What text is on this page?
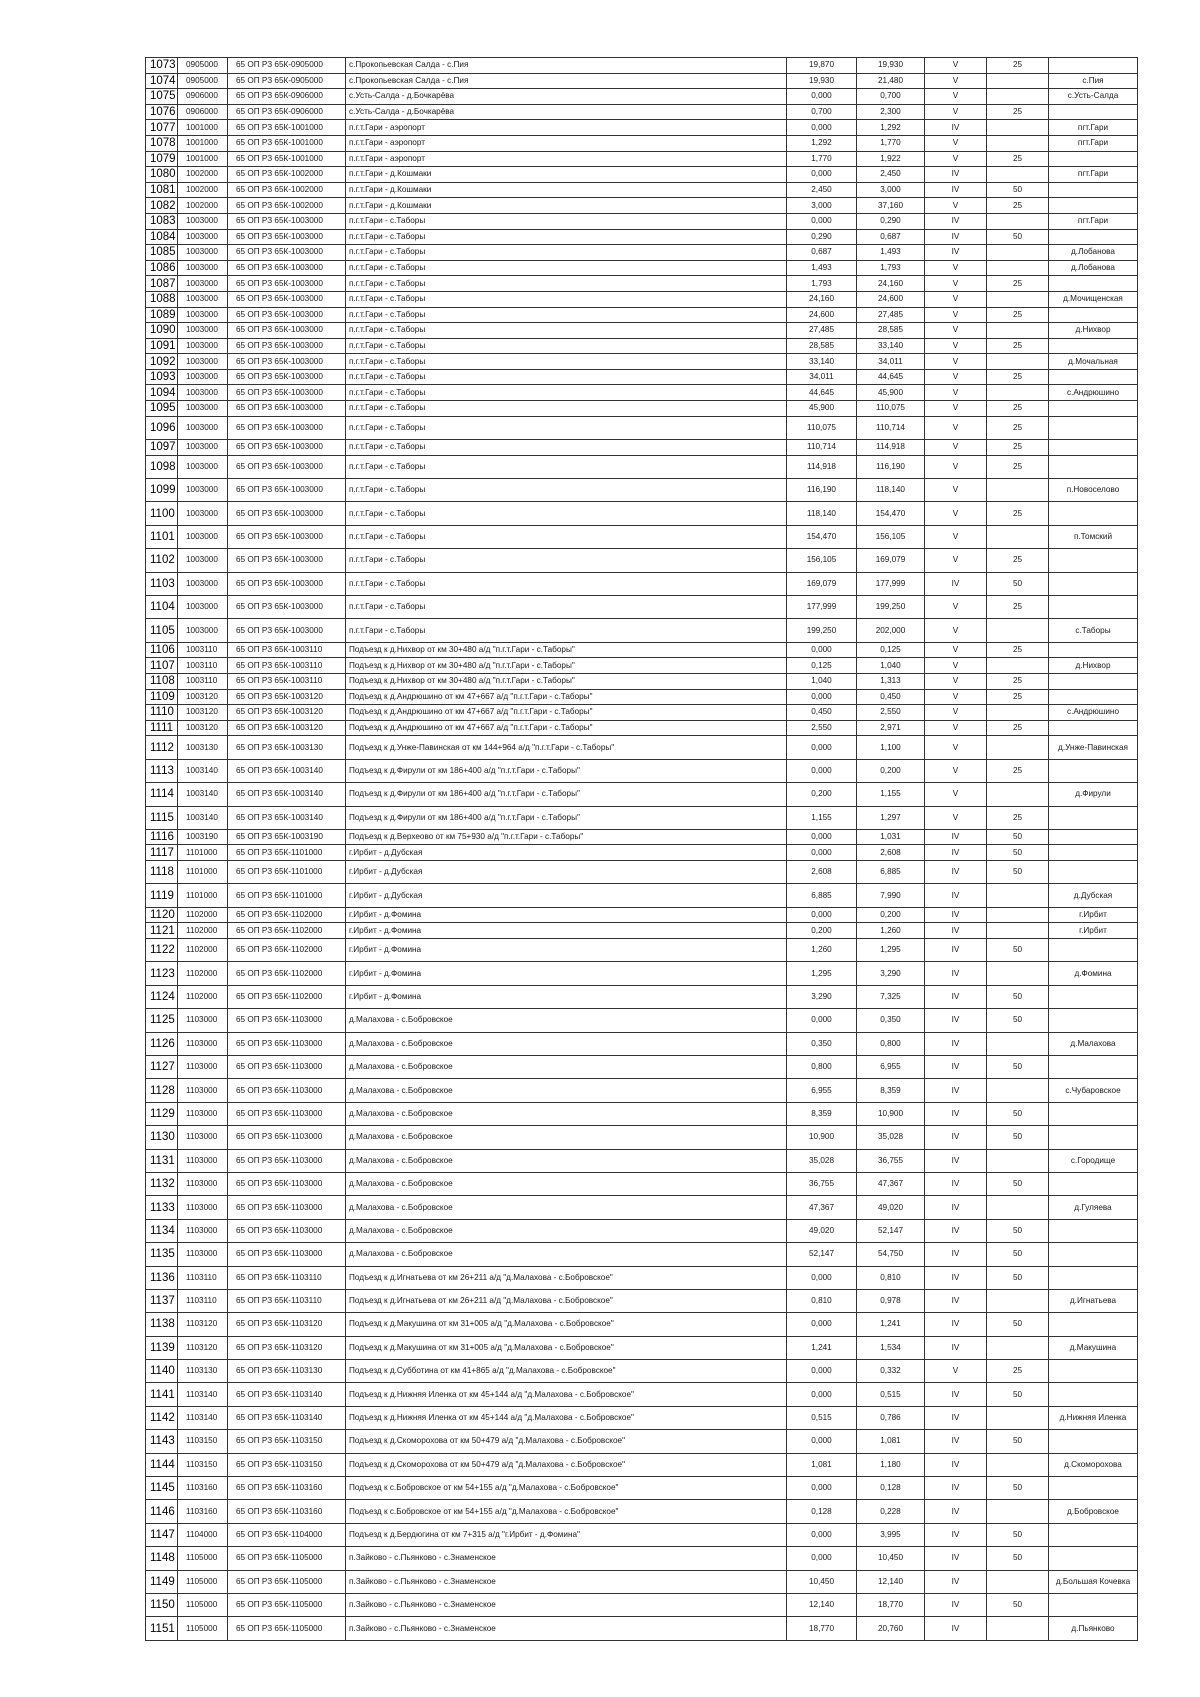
1073	0905000	65 ОП РЗ 65К-0905000	с.Прокопьевская Салда - с.Пия	19,870	19,930	V	25	
1074	0905000	65 ОП РЗ 65К-0905000	с.Прокопьевская Салда - с.Пия	19,930	21,480	V		с.Пия
1075	0906000	65 ОП РЗ 65К-0906000	с.Усть-Салда - д.Бочкарёва	0,000	0,700	V		с.Усть-Салда
1076	0906000	65 ОП РЗ 65К-0906000	с.Усть-Салда - д.Бочкарёва	0,700	2,300	V	25	
1077	1001000	65 ОП РЗ 65К-1001000	п.г.т.Гари - аэропорт	0,000	1,292	IV		пгт.Гари
1078	1001000	65 ОП РЗ 65К-1001000	п.г.т.Гари - аэропорт	1,292	1,770	V		пгт.Гари
1079	1001000	65 ОП РЗ 65К-1001000	п.г.т.Гари - аэропорт	1,770	1,922	V	25	
1080	1002000	65 ОП РЗ 65К-1002000	п.г.т.Гари - д.Кошмаки	0,000	2,450	IV		пгт.Гари
1081	1002000	65 ОП РЗ 65К-1002000	п.г.т.Гари - д.Кошмаки	2,450	3,000	IV	50	
1082	1002000	65 ОП РЗ 65К-1002000	п.г.т.Гари - д.Кошмаки	3,000	37,160	V	25	
1083	1003000	65 ОП РЗ 65К-1003000	п.г.т.Гари - с.Таборы	0,000	0,290	IV		пгт.Гари
1084	1003000	65 ОП РЗ 65К-1003000	п.г.т.Гари - с.Таборы	0,290	0,687	IV	50	
1085	1003000	65 ОП РЗ 65К-1003000	п.г.т.Гари - с.Таборы	0,687	1,493	IV		д.Лобанова
1086	1003000	65 ОП РЗ 65К-1003000	п.г.т.Гари - с.Таборы	1,493	1,793	V		д.Лобанова
1087	1003000	65 ОП РЗ 65К-1003000	п.г.т.Гари - с.Таборы	1,793	24,160	V	25	
1088	1003000	65 ОП РЗ 65К-1003000	п.г.т.Гари - с.Таборы	24,160	24,600	V		д.Мочищенская
1089	1003000	65 ОП РЗ 65К-1003000	п.г.т.Гари - с.Таборы	24,600	27,485	V	25	
1090	1003000	65 ОП РЗ 65К-1003000	п.г.т.Гари - с.Таборы	27,485	28,585	V		д.Нихвор
1091	1003000	65 ОП РЗ 65К-1003000	п.г.т.Гари - с.Таборы	28,585	33,140	V	25	
1092	1003000	65 ОП РЗ 65К-1003000	п.г.т.Гари - с.Таборы	33,140	34,011	V		д.Мочальная
1093	1003000	65 ОП РЗ 65К-1003000	п.г.т.Гари - с.Таборы	34,011	44,645	V	25	
1094	1003000	65 ОП РЗ 65К-1003000	п.г.т.Гари - с.Таборы	44,645	45,900	V		с.Андрюшино
1095	1003000	65 ОП РЗ 65К-1003000	п.г.т.Гари - с.Таборы	45,900	110,075	V	25	
1096	1003000	65 ОП РЗ 65К-1003000	п.г.т.Гари - с.Таборы	110,075	110,714	V	25	
1097	1003000	65 ОП РЗ 65К-1003000	п.г.т.Гари - с.Таборы	110,714	114,918	V	25	
1098	1003000	65 ОП РЗ 65К-1003000	п.г.т.Гари - с.Таборы	114,918	116,190	V	25	
1099	1003000	65 ОП РЗ 65К-1003000	п.г.т.Гари - с.Таборы	116,190	118,140	V		п.Новоселово
1100	1003000	65 ОП РЗ 65К-1003000	п.г.т.Гари - с.Таборы	118,140	154,470	V	25	
1101	1003000	65 ОП РЗ 65К-1003000	п.г.т.Гари - с.Таборы	154,470	156,105	V		п.Томский
1102	1003000	65 ОП РЗ 65К-1003000	п.г.т.Гари - с.Таборы	156,105	169,079	V	25	
1103	1003000	65 ОП РЗ 65К-1003000	п.г.т.Гари - с.Таборы	169,079	177,999	IV	50	
1104	1003000	65 ОП РЗ 65К-1003000	п.г.т.Гари - с.Таборы	177,999	199,250	V	25	
1105	1003000	65 ОП РЗ 65К-1003000	п.г.т.Гари - с.Таборы	199,250	202,000	V		с.Таборы
1106	1003110	65 ОП РЗ 65К-1003110	Подъезд к д.Нихвор от км 30+480 а/д "п.г.т.Гари - с.Таборы"	0,000	0,125	V	25	
1107	1003110	65 ОП РЗ 65К-1003110	Подъезд к д.Нихвор от км 30+480 а/д "п.г.т.Гари - с.Таборы"	0,125	1,040	V		д.Нихвор
1108	1003110	65 ОП РЗ 65К-1003110	Подъезд к д.Нихвор от км 30+480 а/д "п.г.т.Гари - с.Таборы"	1,040	1,313	V	25	
1109	1003120	65 ОП РЗ 65К-1003120	Подъезд к д.Андрюшино от км 47+667 а/д "п.г.т.Гари - с.Таборы"	0,000	0,450	V	25	
1110	1003120	65 ОП РЗ 65К-1003120	Подъезд к д.Андрюшино от км 47+667 а/д "п.г.т.Гари - с.Таборы"	0,450	2,550	V		с.Андрюшино
1111	1003120	65 ОП РЗ 65К-1003120	Подъезд к д.Андрюшино от км 47+667 а/д "п.г.т.Гари - с.Таборы"	2,550	2,971	V	25	
1112	1003130	65 ОП РЗ 65К-1003130	Подъезд к д.Унже-Павинская от км 144+964 а/д "п.г.т.Гари - с.Таборы"	0,000	1,100	V		д.Унже-Павинская
1113	1003140	65 ОП РЗ 65К-1003140	Подъезд к д.Фирули от км 186+400 а/д "п.г.т.Гари - с.Таборы"	0,000	0,200	V	25	
1114	1003140	65 ОП РЗ 65К-1003140	Подъезд к д.Фирули от км 186+400 а/д "п.г.т.Гари - с.Таборы"	0,200	1,155	V		д.Фирули
1115	1003140	65 ОП РЗ 65К-1003140	Подъезд к д.Фирули от км 186+400 а/д "п.г.т.Гари - с.Таборы"	1,155	1,297	V	25	
1116	1003190	65 ОП РЗ 65К-1003190	Подъезд к д.Верхеово от км 75+930 а/д "п.г.т.Гари - с.Таборы"	0,000	1,031	IV	50	
1117	1101000	65 ОП РЗ 65К-1101000	г.Ирбит - д.Дубская	0,000	2,608	IV	50	
1118	1101000	65 ОП РЗ 65К-1101000	г.Ирбит - д.Дубская	2,608	6,885	IV	50	
1119	1101000	65 ОП РЗ 65К-1101000	г.Ирбит - д.Дубская	6,885	7,990	IV		д.Дубская
1120	1102000	65 ОП РЗ 65К-1102000	г.Ирбит - д.Фомина	0,000	0,200	IV		г.Ирбит
1121	1102000	65 ОП РЗ 65К-1102000	г.Ирбит - д.Фомина	0,200	1,260	IV		г.Ирбит
1122	1102000	65 ОП РЗ 65К-1102000	г.Ирбит - д.Фомина	1,260	1,295	IV	50	
1123	1102000	65 ОП РЗ 65К-1102000	г.Ирбит - д.Фомина	1,295	3,290	IV		д.Фомина
1124	1102000	65 ОП РЗ 65К-1102000	г.Ирбит - д.Фомина	3,290	7,325	IV	50	
1125	1103000	65 ОП РЗ 65К-1103000	д.Малахова - с.Бобровское	0,000	0,350	IV	50	
1126	1103000	65 ОП РЗ 65К-1103000	д.Малахова - с.Бобровское	0,350	0,800	IV		д.Малахова
1127	1103000	65 ОП РЗ 65К-1103000	д.Малахова - с.Бобровское	0,800	6,955	IV	50	
1128	1103000	65 ОП РЗ 65К-1103000	д.Малахова - с.Бобровское	6,955	8,359	IV		с.Чубаровское
1129	1103000	65 ОП РЗ 65К-1103000	д.Малахова - с.Бобровское	8,359	10,900	IV	50	
1130	1103000	65 ОП РЗ 65К-1103000	д.Малахова - с.Бобровское	10,900	35,028	IV	50	
1131	1103000	65 ОП РЗ 65К-1103000	д.Малахова - с.Бобровское	35,028	36,755	IV		с.Городище
1132	1103000	65 ОП РЗ 65К-1103000	д.Малахова - с.Бобровское	36,755	47,367	IV	50	
1133	1103000	65 ОП РЗ 65К-1103000	д.Малахова - с.Бобровское	47,367	49,020	IV		д.Гуляева
1134	1103000	65 ОП РЗ 65К-1103000	д.Малахова - с.Бобровское	49,020	52,147	IV	50	
1135	1103000	65 ОП РЗ 65К-1103000	д.Малахова - с.Бобровское	52,147	54,750	IV	50	
1136	1103110	65 ОП РЗ 65К-1103110	Подъезд к д.Игнатьева от км 26+211 а/д "д.Малахова - с.Бобровское"	0,000	0,810	IV	50	
1137	1103110	65 ОП РЗ 65К-1103110	Подъезд к д.Игнатьева от км 26+211 а/д "д.Малахова - с.Бобровское"	0,810	0,978	IV		д.Игнатьева
1138	1103120	65 ОП РЗ 65К-1103120	Подъезд к д.Макушина от км 31+005 а/д "д.Малахова - с.Бобровское"	0,000	1,241	IV	50	
1139	1103120	65 ОП РЗ 65К-1103120	Подъезд к д.Макушина от км 31+005 а/д "д.Малахова - с.Бобровское"	1,241	1,534	IV		д.Макушина
1140	1103130	65 ОП РЗ 65К-1103130	Подъезд к д.Субботина от км 41+865 а/д "д.Малахова - с.Бобровское"	0,000	0,332	V	25	
1141	1103140	65 ОП РЗ 65К-1103140	Подъезд к д.Нижняя Иленка от км 45+144 а/д "д.Малахова - с.Бобровское"	0,000	0,515	IV	50	
1142	1103140	65 ОП РЗ 65К-1103140	Подъезд к д.Нижняя Иленка от км 45+144 а/д "д.Малахова - с.Бобровское"	0,515	0,786	IV		д.Нижняя Иленка
1143	1103150	65 ОП РЗ 65К-1103150	Подъезд к д.Скоморохова от км 50+479 а/д "д.Малахова - с.Бобровское"	0,000	1,081	IV	50	
1144	1103150	65 ОП РЗ 65К-1103150	Подъезд к д.Скоморохова от км 50+479 а/д "д.Малахова - с.Бобровское"	1,081	1,180	IV		д.Скоморохова
1145	1103160	65 ОП РЗ 65К-1103160	Подъезд к с.Бобровское от км 54+155 а/д "д.Малахова - с.Бобровское"	0,000	0,128	IV	50	
1146	1103160	65 ОП РЗ 65К-1103160	Подъезд к с.Бобровское от км 54+155 а/д "д.Малахова - с.Бобровское"	0,128	0,228	IV		д.Бобровское
1147	1104000	65 ОП РЗ 65К-1104000	Подъезд к д.Бердюгина от км 7+315 а/д "г.Ирбит - д.Фомина"	0,000	3,995	IV	50	
1148	1105000	65 ОП РЗ 65К-1105000	п.Зайково - с.Пьянково - с.Знаменское	0,000	10,450	IV	50	
1149	1105000	65 ОП РЗ 65К-1105000	п.Зайково - с.Пьянково - с.Знаменское	10,450	12,140	IV		д.Большая Кочевка
1150	1105000	65 ОП РЗ 65К-1105000	п.Зайково - с.Пьянково - с.Знаменское	12,140	18,770	IV	50	
1151	1105000	65 ОП РЗ 65К-1105000	п.Зайково - с.Пьянково - с.Знаменское	18,770	20,760	IV		д.Пьянково
